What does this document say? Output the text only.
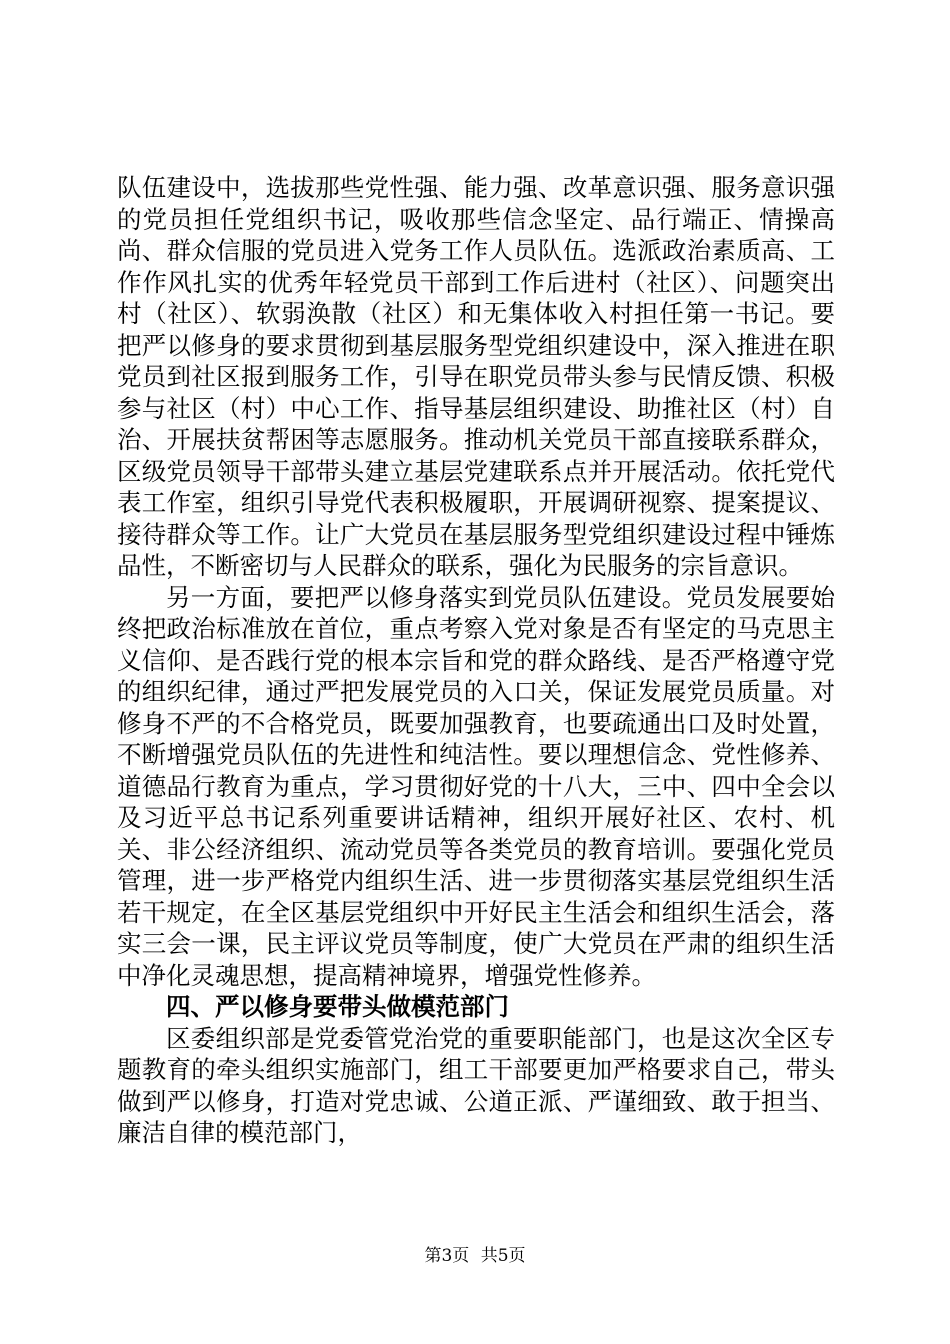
队伍建设中，选拔那些党性强、能力强、改革意识强、服务意识强的党员担任党组织书记，吸收那些信念坚定、品行端正、情操高尚、群众信服的党员进入党务工作人员队伍。选派政治素质高、工作作风扎实的优秀年轻党员干部到工作后进村（社区）、问题突出村（社区）、软弱涣散（社区）和无集体收入村担任第一书记。要把严以修身的要求贯彻到基层服务型党组织建设中，深入推进在职党员到社区报到服务工作，引导在职党员带头参与民情反馈、积极参与社区（村）中心工作、指导基层组织建设、助推社区（村）自治、开展扶贫帮困等志愿服务。推动机关党员干部直接联系群众，区级党员领导干部带头建立基层党建联系点并开展活动。依托党代表工作室，组织引导党代表积极履职，开展调研视察、提案提议、接待群众等工作。让广大党员在基层服务型党组织建设过程中锤炼品性，不断密切与人民群众的联系，强化为民服务的宗旨意识。

另一方面，要把严以修身落实到党员队伍建设。党员发展要始终把政治标准放在首位，重点考察入党对象是否有坚定的马克思主义信仰、是否践行党的根本宗旨和党的群众路线、是否严格遵守党的组织纪律，通过严把发展党员的入口关，保证发展党员质量。对修身不严的不合格党员，既要加强教育，也要疏通出口及时处置，不断增强党员队伍的先进性和纯洁性。要以理想信念、党性修养、道德品行教育为重点，学习贯彻好党的十八大，三中、四中全会以及习近平总书记系列重要讲话精神，组织开展好社区、农村、机关、非公经济组织、流动党员等各类党员的教育培训。要强化党员管理，进一步严格党内组织生活、进一步贯彻落实基层党组织生活若干规定，在全区基层党组织中开好民主生活会和组织生活会，落实三会一课，民主评议党员等制度，使广大党员在严肃的组织生活中净化灵魂思想，提高精神境界，增强党性修养。

四、严以修身要带头做模范部门

区委组织部是党委管党治党的重要职能部门，也是这次全区专题教育的牵头组织实施部门，组工干部要更加严格要求自己，带头做到严以修身，打造对党忠诚、公道正派、严谨细致、敢于担当、廉洁自律的模范部门，

第3页 共5页
